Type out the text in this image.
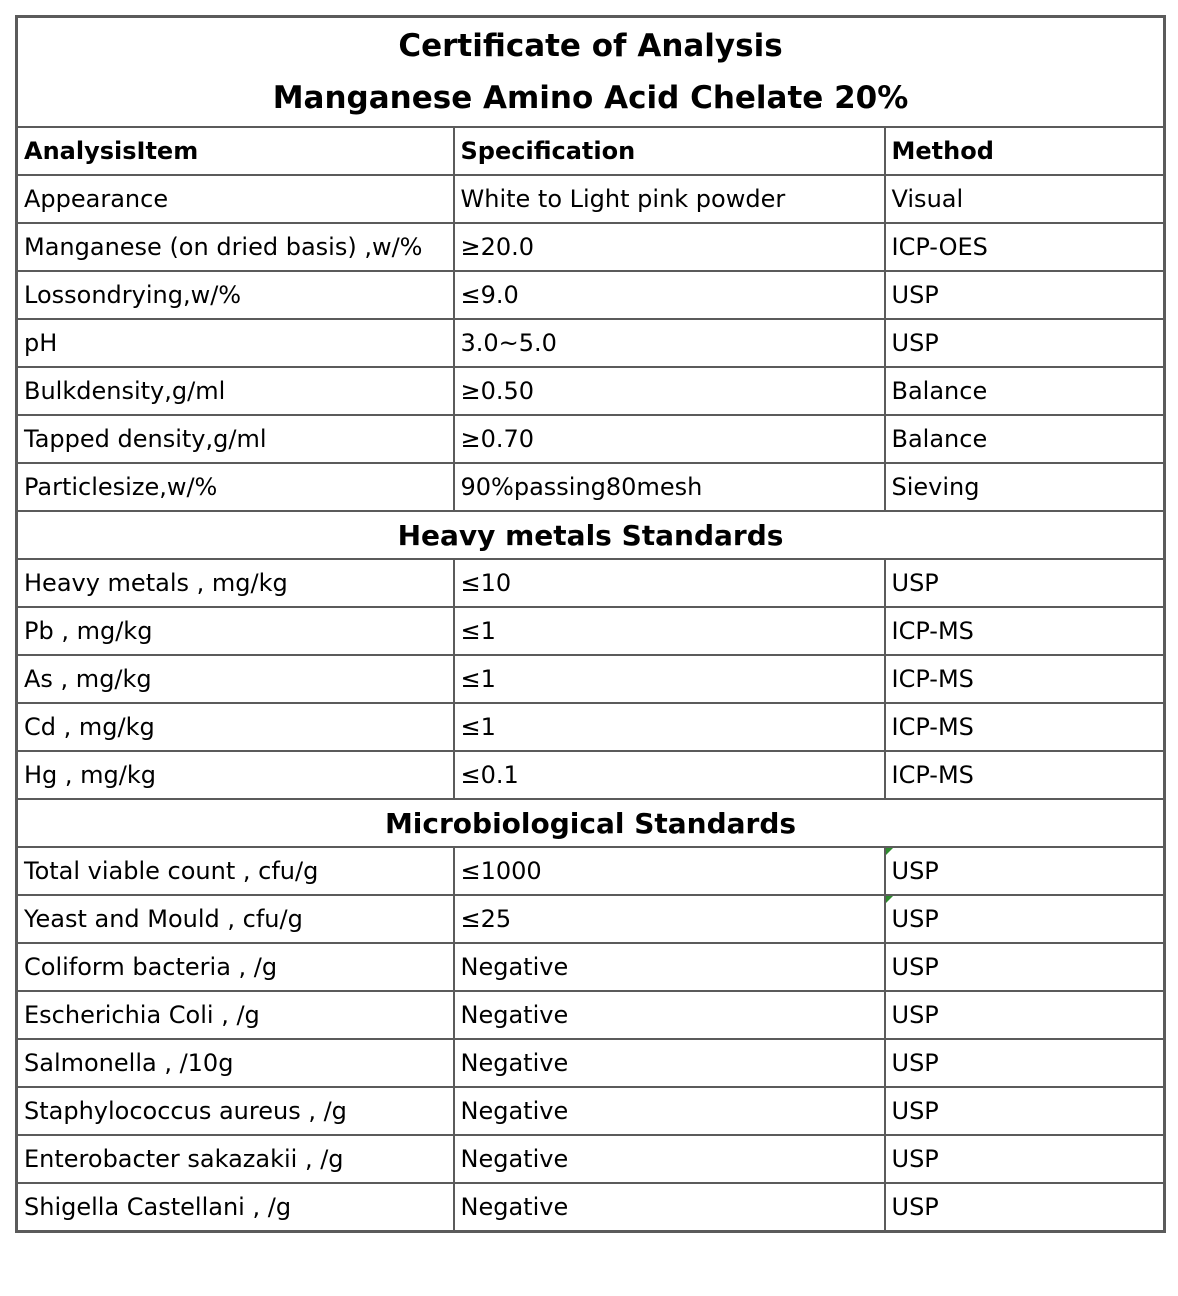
Certificate of Analysis
Manganese Amino Acid Chelate 20%		

AnalysisItem	Specification	Method
Appearance	White to Light pink powder	Visual
Manganese (on dried basis) ,w/%	≥20.0	ICP-OES
Lossondrying,w/%	≤9.0	USP
pH	3.0~5.0	USP
Bulkdensity,g/ml	≥0.50	Balance
Tapped density,g/ml	≥0.70	Balance
Particlesize,w/%	90%passing80mesh	Sieving
Heavy metals Standards		
Heavy metals , mg/kg	≤10	USP
Pb , mg/kg	≤1	ICP-MS
As , mg/kg	≤1	ICP-MS
Cd , mg/kg	≤1	ICP-MS
Hg , mg/kg	≤0.1	ICP-MS
Microbiological Standards		
Total viable count , cfu/g	≤1000	USP
Yeast and Mould , cfu/g	≤25	USP
Coliform bacteria , /g	Negative	USP
Escherichia Coli , /g	Negative	USP
Salmonella , /10g	Negative	USP
Staphylococcus aureus , /g	Negative	USP
Enterobacter sakazakii , /g	Negative	USP
Shigella Castellani , /g	Negative	USP
